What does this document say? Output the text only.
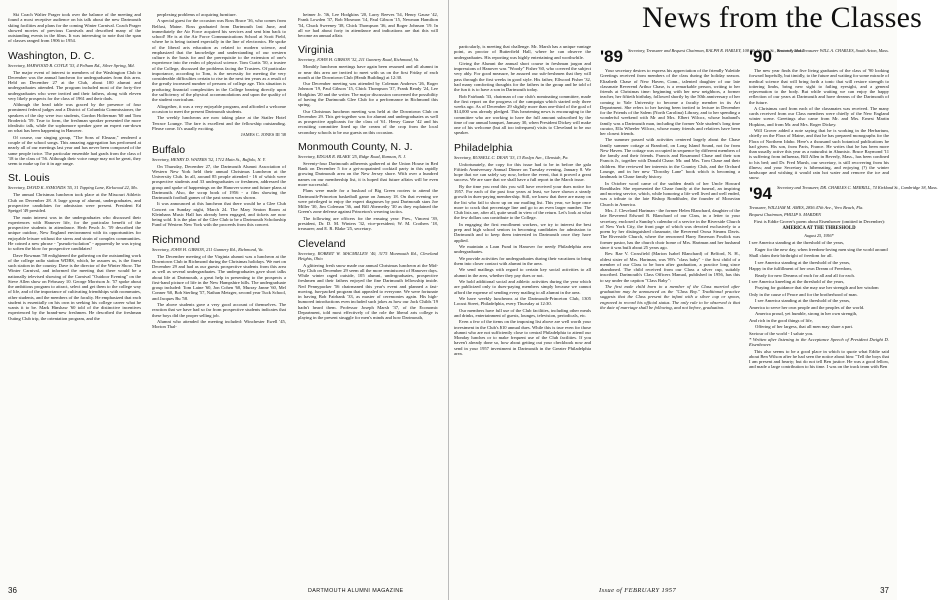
Ski Coach Walter Prager took over the balance of the meeting and found a most receptive audience on his talk about the new Dartmouth skiing facilities and plans for the coming Winter Carnival. Coach Prager showed movies of previous Carnivals and described many of the outstanding events in the films. It was interesting to note that the span of classes ranged from 1906 to 1954.

Washington, D. C.

Secretary, HARWOOD B. COYLE '53, 4 Pelham Rd., Silver Spring, Md.

The major event of interest to members of the Washington Club in December was the annual luncheon for undergraduates from this area. Held on December 27 at the Club, about 100 alumni and undergraduates attended. The program included most of the forty-five undergraduates who were invited and their fathers, along with eleven very likely prospects for the class of 1961 and their dads.

Although the head table was graced by the presence of four prominent federal judges and a District of Columbia Commissioner, the speakers of the day were two students, Gordon Holterman '60 and Tom Broderick '59. True to form, the freshman speaker presented the more idealistic talk, while the sophomore speaker gave an expert run-down on what has been happening in Hanover.

Of course, our singing group, "The Sons of Eleazar," rendered a couple of the school songs. This amazing aggregation has performed at nearly all of our meetings last year and has never been composed of the same people twice. The particular ensemble had grads from the class of '18 to the class of '56. Although their voice range may not be great, they seem to make up for it in age range.

St. Louis

Secretary, DAVID K. SYMONDS '55, 31 Topping Lane, Kirkwood 22, Mo.

The annual Christmas luncheon took place at the Missouri Athletic Club on December 28. A large group of alumni, undergraduates, and prospective candidates for admission were present. President Ed Speigel '49 presided.

The main interest was in the undergraduates who discussed their experiences with Hanover life, for the particular benefit of the prospective students in attendance. Herb Pesch Jr. '59 described the unique outdoor, New England environment with its opportunities for enjoyable leisure without the stress and strain of complex communities. He coined a new phrase - "pseudo-isolation" - apparently he was trying to soften the blow for prospective candidates!

Dave Bowman '58 enlightened the gathering on the outstanding work of the college radio station WDBS, which, he assures us, is the finest such station in the country. Dave is the director of the Winter Show. The Winter Carnival, and informed the meeting that there would be a nationally televised showing of the Carnival "Outdoor Evening" on the Steve Allen show on February 10. George Morrison Jr. '57 spoke about the ambitious program to attract, select and get them to the college way of life, and of the importance of cultivating friendships with roommates, other students, and the members of the faculty. He emphasized that each student is essentially on his own in seeking his college career what he wants it to be. Mark Hinshaw '60 told of the distinctive incentives experienced by the brand-new freshmen. He described the freshman Outing Club trip, the orientation program, and the

perplexing problems of acquiring furniture.

A special guest for the occasion was Ross Brace '36, who comes from Belfast, Maine. Ross graduated from Dartmouth last June, and immediately the Air Force acquired his services and sent him back to school! He is at the Air Force Communications School at Scott Field, where he is being trained especially in the line of electronics. He spoke of the liberal arts education as related to modern science, and emphasized that the knowledge and understanding of our western culture is the basis for and the prerequisite to the extension of one's experience into the realm of physical science. Tom Curtis '50, a trustee of the College, discussed the problems facing the Trustees. Of particular importance, according to Tom, is the necessity for meeting the very considerable difficulties certain to rise in the next ten years as a result of the greatly increased number of persons of college age. This situation is producing financial complexities in the College bearing directly upon the sufficiency of the physical accommodations and upon the quality of the student curriculum.

Altogether, it was a very enjoyable program, and afforded a welcome occasion to meet the present Dartmouth students.

The weekly luncheons are now taking place at the Statler Hotel Terrace Lounge. The fare is excellent and the fellowship outstanding. Please come. It's usually exciting.

JAMES C. JONES III '38

Buffalo

Secretary, HENRY D. WATERS '52, 1712 Main St., Buffalo, N. Y.

On Thursday, December 27, the Dartmouth Alumni Association of Western New York held their annual Christmas Luncheon at the University Club. In all, around 85 people attended - 16 of which were prospective students and 33 undergraduates or freshmen, addressed the group and spoke of happenings on the Hanover scene and future plans at Dartmouth. Also, the scrap book of 1956 - a film showing the Dartmouth football games of the past season was shown.

It was announced at this luncheon that there would be a Glee Club Concert on Sunday night, March 24. The Mary Seaton Room at Kleinhans Music Hall has already been engaged, and tickets are now being sold. It is the plan of the Glee Club to be a Dartmouth Scholarship Fund of Western New York with the proceeds from this concert.

Richmond

Secretary, JOHN H. GIBSON, 211 Gunnery Rd., Richmond, Va.

The December meeting of the Virginia alumni was a luncheon at the Downtown Club in Richmond during the Christmas holidays. We met on December 29 and had as our guests prospective students from this area as well as several undergraduates. The undergraduates gave short talks about life at Dartmouth, a great help in presenting to the prospects a first-hand picture of life in the New Hampshire hills. The undergraduate group included: Tom Laine '60, Jon Cohen '60, Murray Janne '60, Mel Conner '60, Bob Sterling '57, Nathan Metzger, second year Tuck School, and Jacques Bu '58.

The above students gave a very good account of themselves. The reaction that we have had so far from prospective students indicates that these boys did the proper selling job.

Alumni who attended the meeting included: Winchester Ewell '45, Morton Thal-

heimer Jr. '36, Lee Hodgkins '20, Larry Reeves '54, Henry Gause '42, Frank Lowden '37, Bob Mosmon '14, Paul Gibson '15, Newman Hamilton '54, Chuck Sweeney '38, Chick Thompson '36, and Roger Johnson '19. In all we had about forty in attendance and indications are that this will become an annual affair.

Virginia

Secretary, JOHN H. GIBSON '32, 211 Gunnery Road, Richmond, Va.

Monthly luncheon meetings have again been resumed and all alumni in or near this area are invited to meet with us on the first Friday of each month at the Downtown Club (Heath Building) at 12:30.

Our December meeting was attended by Coleman Andrews '26, Roger Johnson '19, Paul Gibson '15, Chick Thompson '37, Frank Ready '24, Lee Hodgkins '20 and the writer. The major discussion concerned the possibility of having the Dartmouth Glee Club for a performance in Richmond this spring.

Our Christmas luncheon meeting was held at the Downtown Club on December 29. This get-together was for alumni and undergraduates as well as prospective applicants for the class of '61. Henry Gause '42 and his recruiting committee lined up the cream of the crop from the local secondary schools to be our guests on this occasion.

Monmouth County, N. J.

Secretary, EDGAR R. BLAKE '25, Ridge Road, Rumson, N. J.

Seventy-four Dartmouth adherents gathered at the Union House in Red Bank on December 5 for a get-acquainted cocktail party in this rapidly growing Dartmouth area on the New Jersey shore. With over a hundred names on our membership list, it is hoped that future affairs will be even more successful.

Plans were made for a busload of Big Green rooters to attend the Dartmouth-Princeton basketball game on January 18. On that evening we were privileged to enjoy the expert diagnoses by past Dartmouth stars Joe Miller '30, Jim Coleman '36, and Bill Abernethy '30 as they explained the Green's zone defense against Princeton's weaving tactics.

The following are officers for the ensuing year: Pres., Vincent '39, president, Dr. D. M. Winters '32, vice-president; W. M. Crothers '18, treasurer; and E. R. Blake '25, secretary.

Cleveland

Secretary, ROBERT W. MACMILLEN '40, 3175 Monmouth Rd., Cleveland Heights, Ohio

A glittering fresh snow made our annual Christmas luncheon at the Mid-Day Club on December 29 seem all the more reminiscent of Hanover days. While winter raged outside, 105 alumni, undergraduates, prospective freshmen and their fathers enjoyed the fine Dartmouth fellowship inside. Ned Pennypacker '56 chairmaned this year's event and planned a fast-moving, fun-packed program that appealed to everyone. We were fortunate in having Bob Fairbank '33, as master of ceremonies again. His high-humored introductions even included such jokes as how our Jack Childs '19 hadn't heard them. Professor Joseph Marsh '37, of the Economic Department, told most effectively of the role the liberal arts college is playing in the present struggle for men's minds and how Dartmouth,

36	DARTMOUTH ALUMNI MAGAZINE
News from the Classes

particularly, is meeting that challenge. Mr. Marsh has a unique vantage point, as proctor of Butterfield Hall, where he can observe the undergraduates. His reporting was highly entertaining and worthwhile.

Giving the Alumni the annual short course in freshman jargon and impressions of Hanover was "Woody" Fisher '60, who covered the subject very ably. For good measure, he assured our sub-freshmen that they will pass through the first weeks in good style. His father, Ellwood Fisher '32, had many comforting thoughts for the fathers in the group and he told of the fun it is to have a son in Dartmouth today.

Bob Fairbank '33, chairman of our club's nominating committee, made the first report on the progress of the campaign which started only three weeks ago. As of December 29 slightly more than one-third of the goal of $14,000 was already pledged. This heartening news is encouraging to the committee who are working to have the full amount subscribed by the time of our annual banquet, January 30, when President Dickey will make one of his welcome (but all too infrequent) visits to Cleveland to be our speaker.

Philadelphia

Secretary, RUSSELL C. DEAN '53, 13 Roslyn Ave., Glenside, Pa.

Unfortunately, the copy for this issue had to be in before the gala Fiftieth Anniversary Annual Dinner on Tuesday evening, January 8. We hope that we can safely say now, before the event, that it proved a great success. We are sure that we shall have a full report in the March issue.

By the time you read this you will have received your dues notice for 1957. For each of the past four years at least, we have shown a steady growth in dues-paying membership. Still, we know that there are many on the list who fail to show up on our mailing list. This year, we hope once more to crack that percentage line and go to an even larger number. The Club lists are, after all, quite small in view of the return. Let's look at what the few dollars can contribute to the College.

In engaging the first enrollment workers, we try to interest the best prep and high school seniors in becoming candidates for admission to Dartmouth and to keep them interested in Dartmouth once they have applied.

We maintain a Loan Fund in Hanover for needy Philadelphia area undergraduates.

We provide activities for undergraduates during their vacations to bring them into closer contact with alumni in the area.

We send mailings with regard to certain key social activities to all alumni in the area, whether they pay dues or not.

We hold additional social and athletic activities during the year which are publicized only to dues-paying members simply because we cannot afford the expense of sending every mailing to all alumni in the area.

We have weekly luncheons at the Dartmouth-Princeton Club, 1305 Locust Street, Philadelphia, every Thursday at 12:30.

Our members have full use of the Club facilities, including other meals and drinks, entertainment of guests, lounges, television, periodicals, etc.

Even a few of the items on the imposing list above are well worth your investment in the Club's $10 annual dues. While this is true even for those alumni who are not sufficiently close to central Philadelphia to attend our Monday lunches or to make frequent use of the Club facilities. If you haven't already done so, how about getting out your checkbook now and send in your 1957 investment in Dartmouth in the Greater Philadelphia area.

'89 Secretary, Treasurer and Bequest Chairman, RALPH R. HARLEY, 108 Mt. Vernon St., Boston 8, Mass.

Your secretary desires to express his appreciation of the friendly Yuletide Greetings received from members of the class during the holiday season. Elizabeth Chase of New Haven, Conn., talented daughter of our late classmate Reverend Arthur Chase, is a remarkable person, writing to her friends at Christmas time: beginning with her new neighbors, a former teacher, her fiftieth birthday, followed shortly by the 50th anniversary of her coming to Yale University to become a faculty member in its Art Department. She refers to her having been invited to lecture in December for the Friends of the Salem (North Carolina) Library, and to her spending a wonderful weekend with Mr and Mrs. Elbert Wilcox, whose husband's family was a Dartmouth man, including the former Yale student's long time curator, Ella Wheeler Wilcox, whose many friends and relatives have been her closest friends.

The summer passed with activities centered largely about the Chase family summer cottage at Branford, on Long Island Sound, not far from New Haven. The cottage was occupied in sequence by different members of the family and their friends. Francis and Rosamond Chase and their son Francis Jr., together with Donald Chase. Mr. and Mrs. Tom Chase and their children. She reviewed her interests in the Country Club, and the Orchard Lounge, and in her new "Dorothy Lane" book which is becoming a landmark in Chase family history.

In October word came of the sudden death of her Uncle Howard Rondthaler. She represented the Chase family at the funeral, an inspiring and moving service, which, while honoring a life well lived and well ended, was a tribute to the late Bishop Rondthaler, the founder of Moravian Church in America.

Mrs. J. Cleveland Hartman - the former Helen Blanchard, daughter of the late Reverend Edward B. Blanchard of our Class, in a letter to your secretary, enclosed a Sunday's calendar of a service in the Riverside Church of New York City, the front page of which was devoted exclusively to a poem by her distinguished classmate, the Reverend Orosa Steams Davis. The Riverside Church, where the renowned Harry Emerson Fosdick was former pastor, has the church choir home of Mrs. Hartman and her husband since it was built about 25 years ago.

Rev. Rae V. Crossfield (Marion Isabel Blanchard) of Belford, N. H., oldest sister of Mrs. Hartman, was '89's "class baby" - the first child of a member of our Class to be born after graduation, a practice long since abandoned. The child received from our Class a silver cup, suitably inscribed. Dartmouth's Class Officers Manual, published in 1956, has this to say under the caption "Class Baby":

The first male child born to a member of the Class married after graduation may be announced as the "Class Boy." Traditional practice suggests that the Class present the infant with a silver cup or spoon, engraved to record his official status. The only rule to be observed is that the date of marriage shall be following, and not before, graduation.

'90 Secretary and Treasurer WILL A. CHARLES, South Acton, Mass.

The new year finds the five living graduates of the class of '90 looking forward hopefully, but timidly, to the future and waiting for some miracle of medical science that will bring forth a tonic that will restore strength to tottering limbs, bring new sight to failing eyesight, and a general rejuvenation to the body. But while waiting we can enjoy the happy reflection of our years at Dartmouth and have dreams of the Dartmouth of the future.

A Christmas card from each of the classmates was received. The many cards received from our Class members were chiefly of the New England winter scene. Greetings also came from Mr. and Mrs. Ernest Martin Hopkins, and from Mr. and Mrs. Roger Dickey.

Will Grover added a note saying that he is working in the Herbarium, chiefly on the Flora of Maine, and that he has prepared monographs for the Flora of Northern Idaho. Here's a thousand such botanical publications he had given. His son, from Paris, France. He writes that he has been more than usually active this year as a naturalist in Ahuntsic. Bruce Raymond '11 is suffering from influenza, Bill Allen in Beverly, Mass., has been confined to his bed; and Dr. Fred Marsh, our secretary, is still recovering from his illness; and your Secretary is hibernating, and enjoying (?) the winter landscape and wishing it would rain hot water and remove the ice and snow.

'94 Secretary and Treasurer, DR. CHARLES C. MERRILL, 74 Kirkland St., Cambridge 38, Mass.

Treasurer, WILLIAM M. AMES, 2856 47th Ave., Vero Beach, Fla.

Bequest Chairman, PHILIP S. MARDEN

First is Eddie Grover's poem about Eisenhower (omitted in December):

AMERICA AT THE THRESHOLD

August 25, 1956*

I see America standing at the threshold of the years,

Eager for the new day, when freedom-loving men sing the world around

Shall claim their birthright of freedom for all.

I see America standing at the threshold of the years,

Happy in the fulfillment of her own Dream of Freedom,

Ready for new Dreams of each for all and all for each.

I see America kneeling at the threshold of the years,

Praying for guidance that she may use her strength and her wisdom

Only in the cause of Peace and for the brotherhood of man.

I see America standing at the threshold of the years,

America to serve her own people and the peoples of the world.

America proud, yet humble, strong in her own strength,

And rich in the good things of life,

Offering of her largess, that all men may share a part.

Saviour of the world - I salute you.

* Written after listening to the Acceptance Speech of President Dwight D. Eisenhower.

This also seems to be a good place in which to quote what Eddie said about Ben Wilson after he had seen the notice about him: "Tell the boys that I am present and hearty; but do not tell Ben justice. He was a good fellow, and made a large contribution to his time. I was on the track team with Ben

Issue of FEBRUARY 1957	37
